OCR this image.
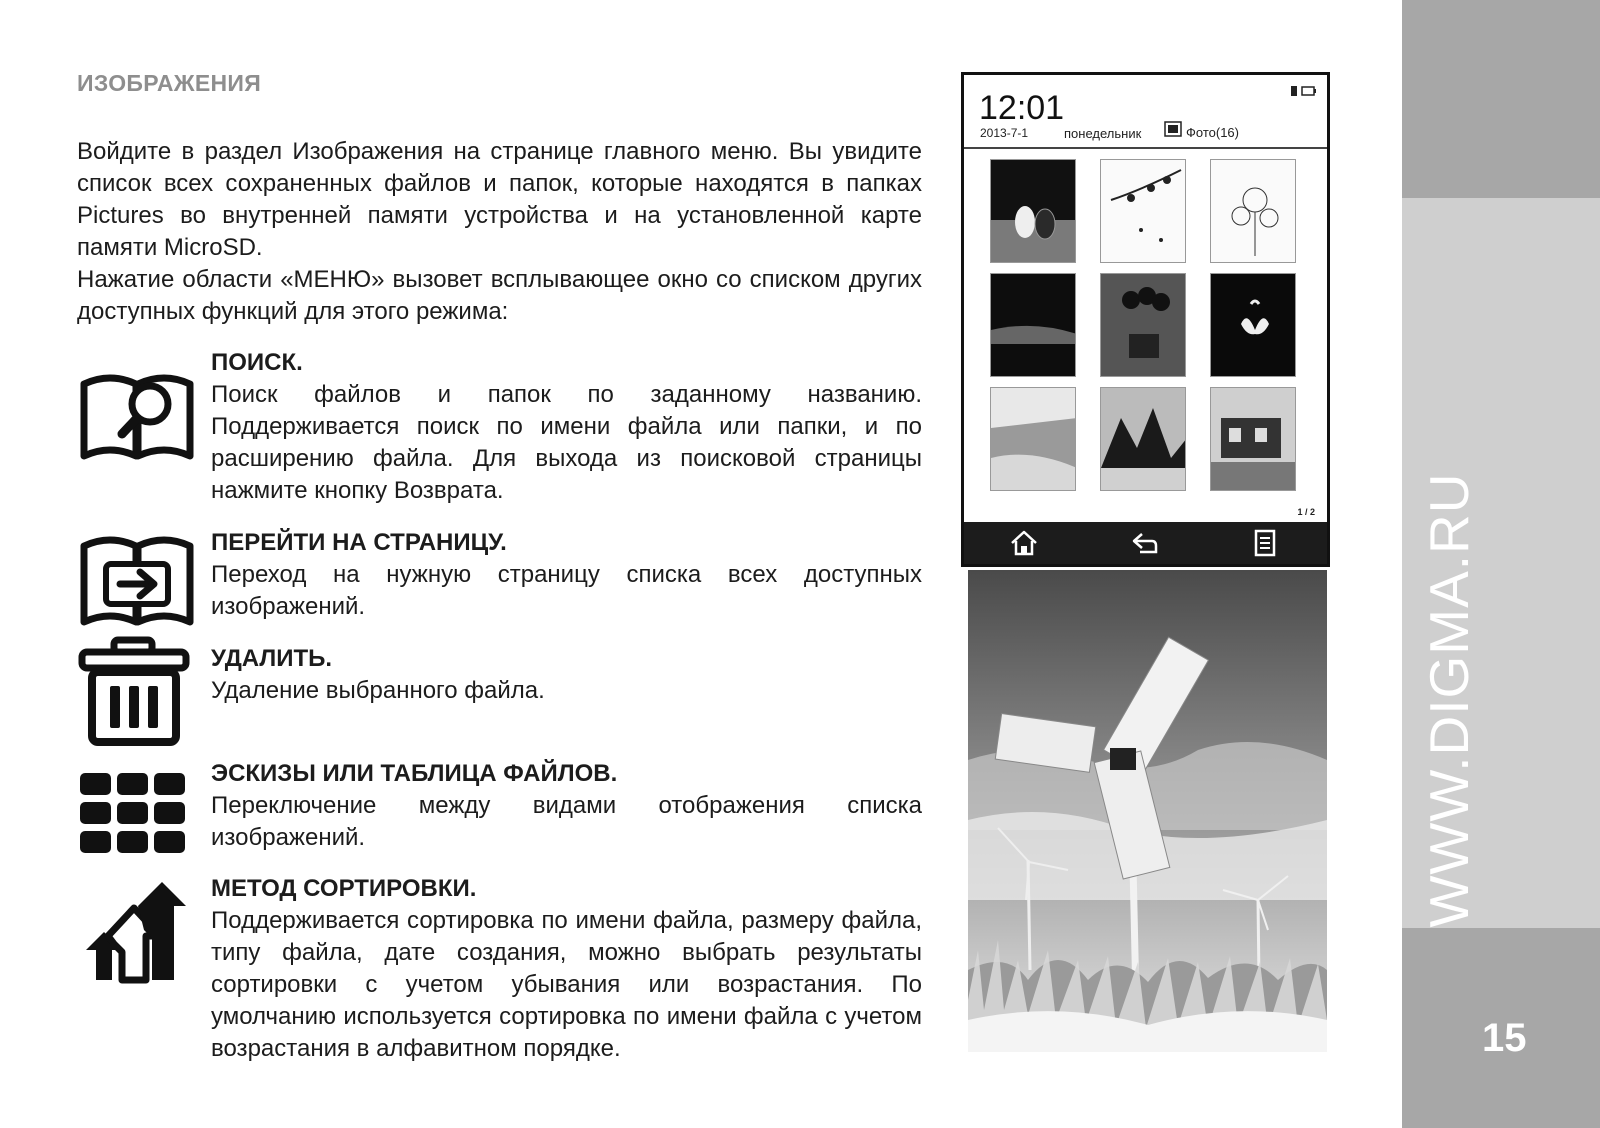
ИЗОБРАЖЕНИЯ

Войдите в раздел Изображения на странице главного меню. Вы увидите список всех сохраненных файлов и папок, которые находятся в папках Pictures во внутренней памяти устройства и на установленной карте памяти MicroSD.

Нажатие области «МЕНЮ» вызовет всплывающее окно со списком других доступных функций для этого режима:

ПОИСК.

Поиск файлов и папок по заданному названию. Поддерживается поиск по имени файла или папки, и по расширению файла. Для выхода из поисковой страницы нажмите кнопку Возврата.

ПЕРЕЙТИ НА СТРАНИЦУ.

Переход на нужную страницу списка всех доступных изображений.

УДАЛИТЬ.

Удаление выбранного файла.

ЭСКИЗЫ ИЛИ ТАБЛИЦА ФАЙЛОВ.

Переключение между видами отображения списка изображений.

МЕТОД СОРТИРОВКИ.

Поддерживается сортировка по имени файла, размеру файла, типу файла, дате создания, можно выбрать результаты сортировки с учетом убывания или возрастания. По умолчанию используется сортировка по имени файла с учетом возрастания в алфавитном порядке.

12:01
2013-7-1	понедельник	Фото(16)
1 / 2 WWW.DIGMA.RU
15
